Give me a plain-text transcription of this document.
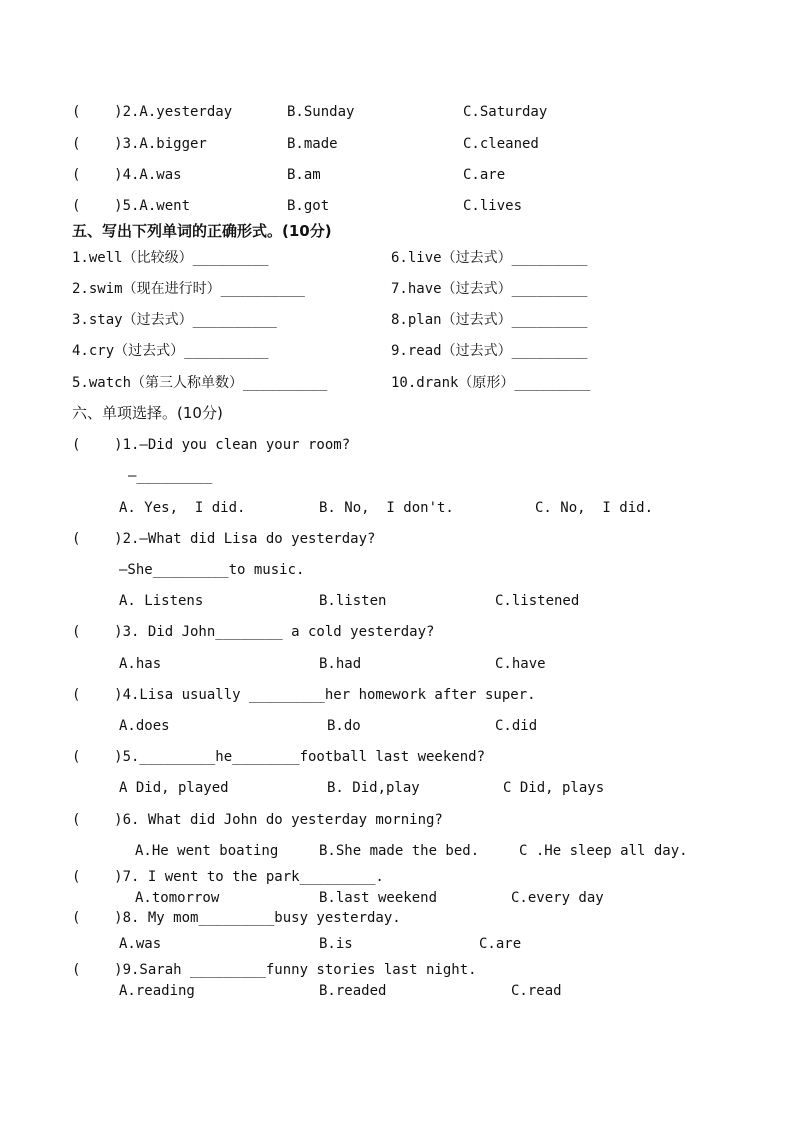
(    )2.A.yesterday	B.Sunday	C.Saturday
(    )3.A.bigger	B.made	C.cleaned
(    )4.A.was	B.am	C.are
(    )5.A.went	B.got	C.lives
五、写出下列单词的正确形式。(10分)
1.well（比较级）_________
2.swim（现在进行时）__________
3.stay（过去式）__________
4.cry（过去式）__________
5.watch（第三人称单数）__________
6.live（过去式）_________
7.have（过去式）_________
8.plan（过去式）_________
9.read（过去式）_________
10.drank（原形）_________
六、单项选择。(10分)
(    )1.—Did you clean your room?
—_________
A. Yes,  I did.	B. No,  I don't.	C. No,  I did.
(    )2.—What did Lisa do yesterday?
—She_________to music.
A. Listens	B.listen	C.listened
(    )3. Did John________ a cold yesterday?
A.has	B.had	C.have
(    )4.Lisa usually _________her homework after super.
A.does	B.do	C.did
(    )5._________he________football last weekend?
A Did, played	B. Did,play	C Did, plays
(    )6. What did John do yesterday morning?
A.He went boating	B.She made the bed.	C .He sleep all day.
(    )7. I went to the park_________.
A.tomorrow	B.last weekend	C.every day
(    )8. My mom_________busy yesterday.
A.was	B.is	C.are
(    )9.Sarah _________funny stories last night.
A.reading	B.readed	C.read
